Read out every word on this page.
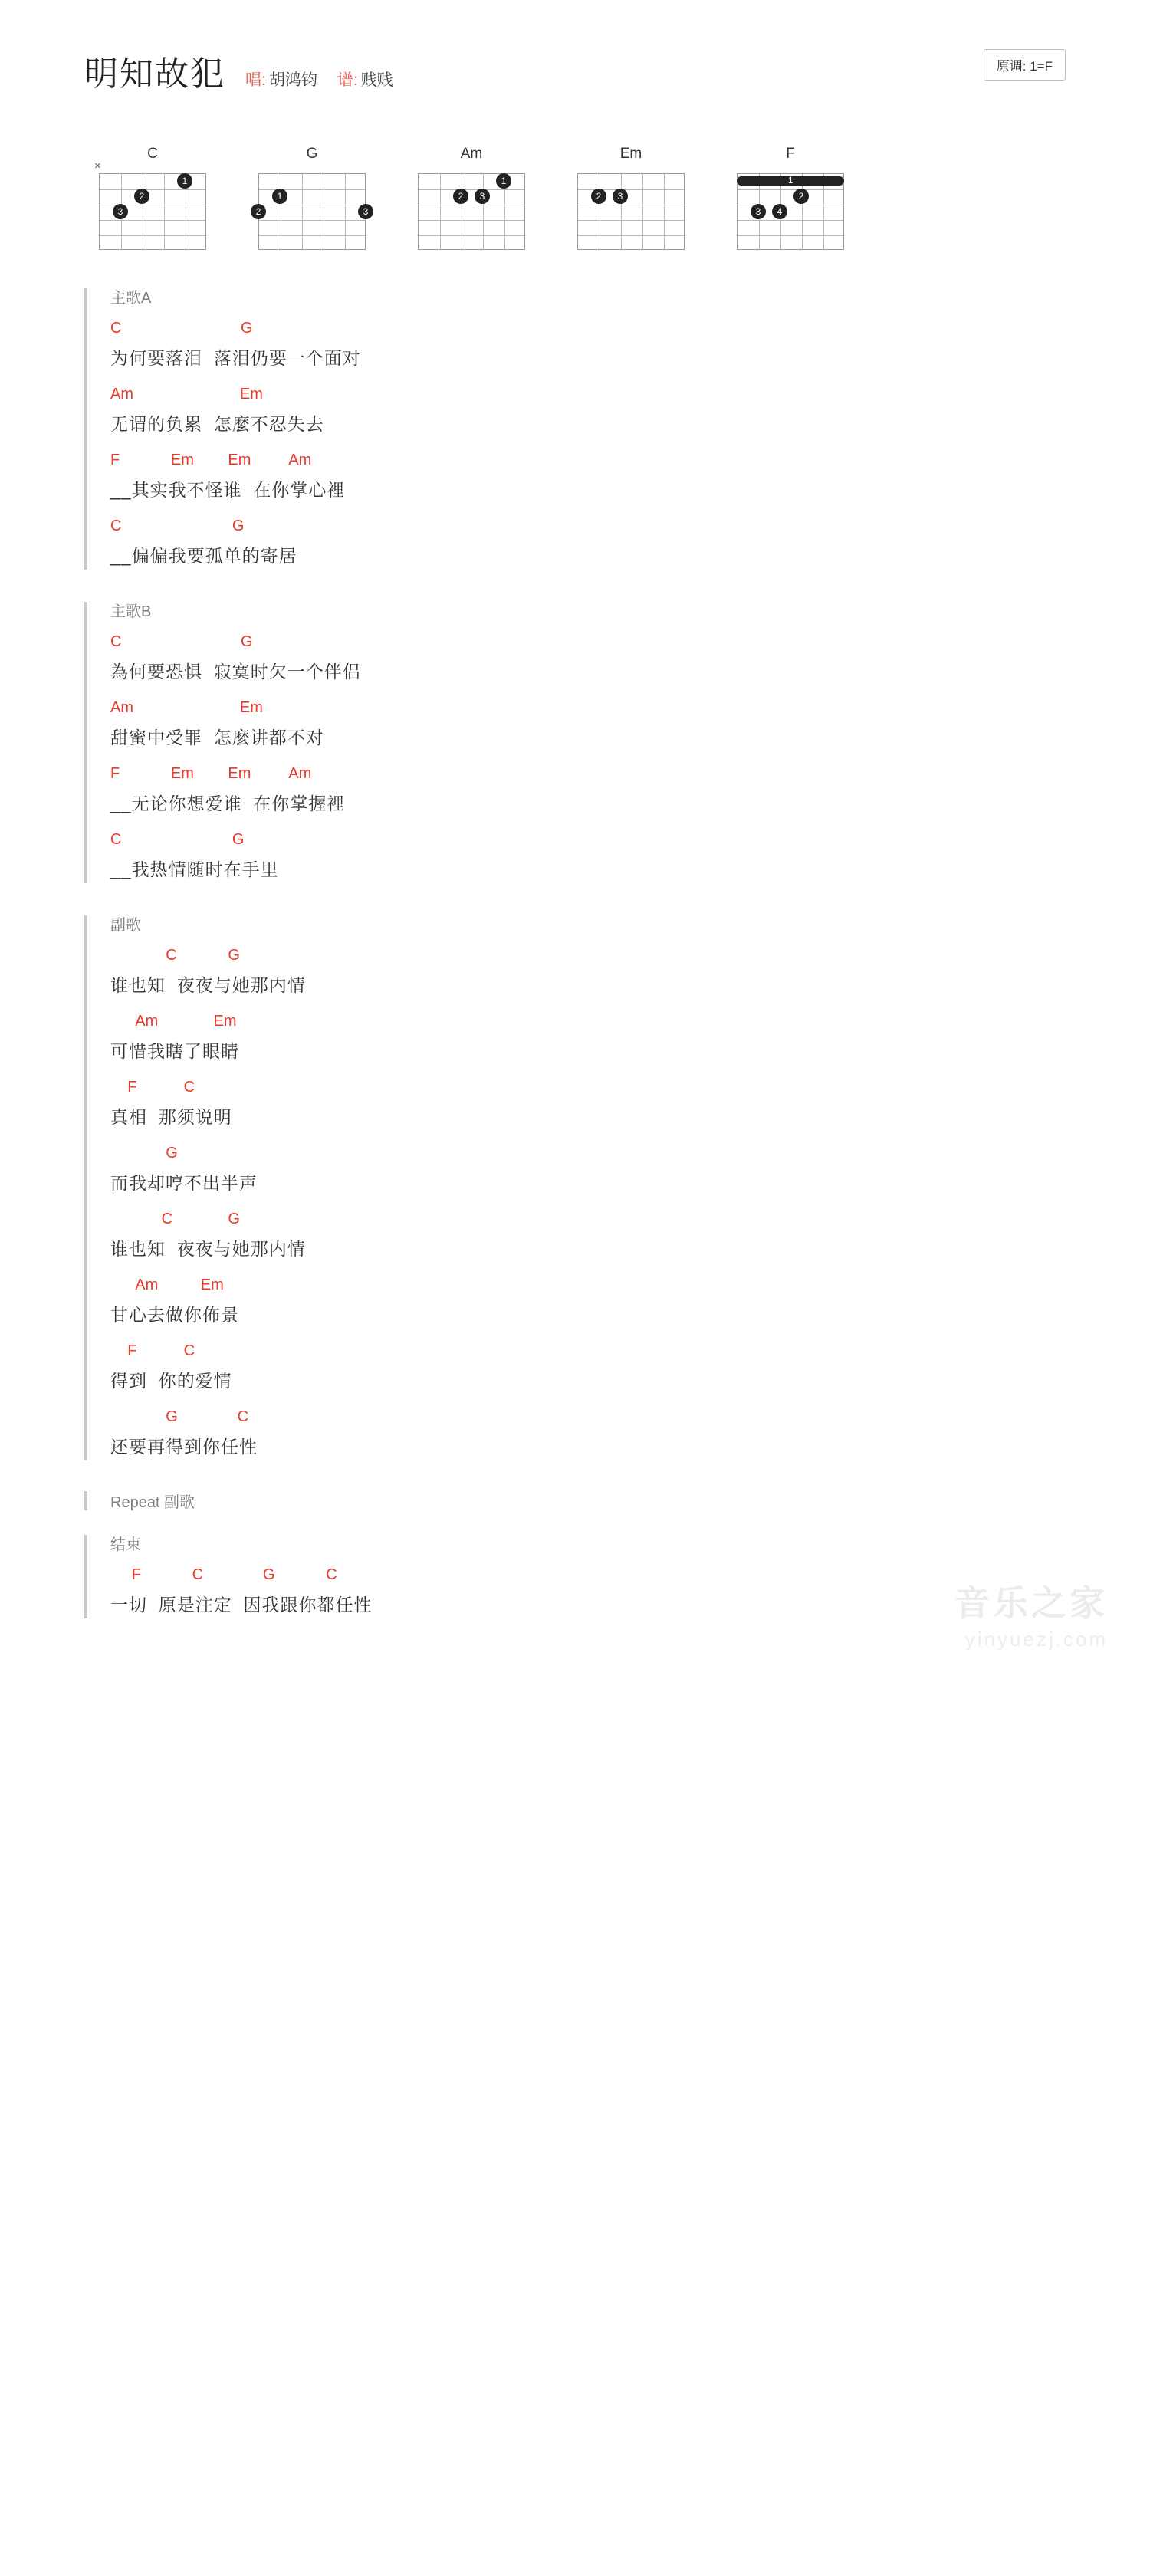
明知故犯 唱: 胡鸿钧 谱: 贱贱
原调: 1=F
C
1
2
3
×
G
1
2	3
Am
1
2	3
Em
2	3
F
1
2
3	4
主歌A
C                            G
为何要落泪  落泪仍要一个面对
Am                         Em
无谓的负累  怎麼不忍失去
F            Em        Em         Am
__其实我不怪谁  在你掌心裡
C                          G
__偏偏我要孤单的寄居
主歌B
C                            G
為何要恐惧  寂寞时欠一个伴侣
Am                         Em
甜蜜中受罪  怎麼讲都不对
F            Em        Em         Am
__无论你想爱谁  在你掌握裡
C                          G
__我热情随时在手里
副歌
C            G
谁也知  夜夜与她那内情
Am             Em
可惜我瞎了眼睛
F           C
真相  那须说明
G
而我却哼不出半声
C             G
谁也知  夜夜与她那内情
Am          Em
甘心去做你佈景
F           C
得到  你的爱情
G              C
还要再得到你任性
Repeat 副歌
结束
F            C              G            C
一切  原是注定  因我跟你都任性	音乐之家
yinyuezj.com
